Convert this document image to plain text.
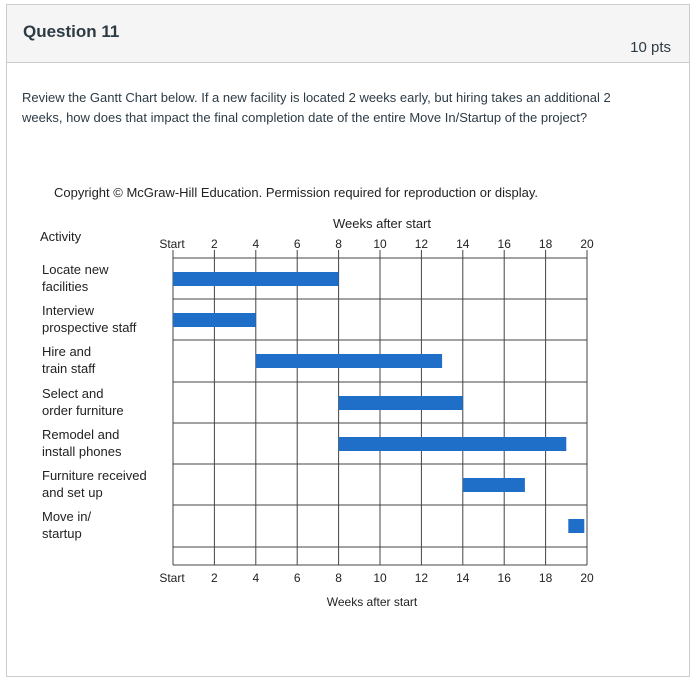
Question 11
10 pts
Review the Gantt Chart below. If a new facility is located 2 weeks early, but hiring takes an additional 2 weeks, how does that impact the final completion date of the entire Move In/Startup of the project?
Copyright © McGraw-Hill Education. Permission required for reproduction or display.
Start
Start
2
2
4
4
6
6
8
8
10
10
12
12
14
14
16
16
18
18
20
20
Locate new
facilities
Interview
prospective staff
Hire and
train staff
Select and
order furniture
Remodel and
install phones
Furniture received
and set up
Move in/
startup
Weeks after start
Weeks after start
Activity
